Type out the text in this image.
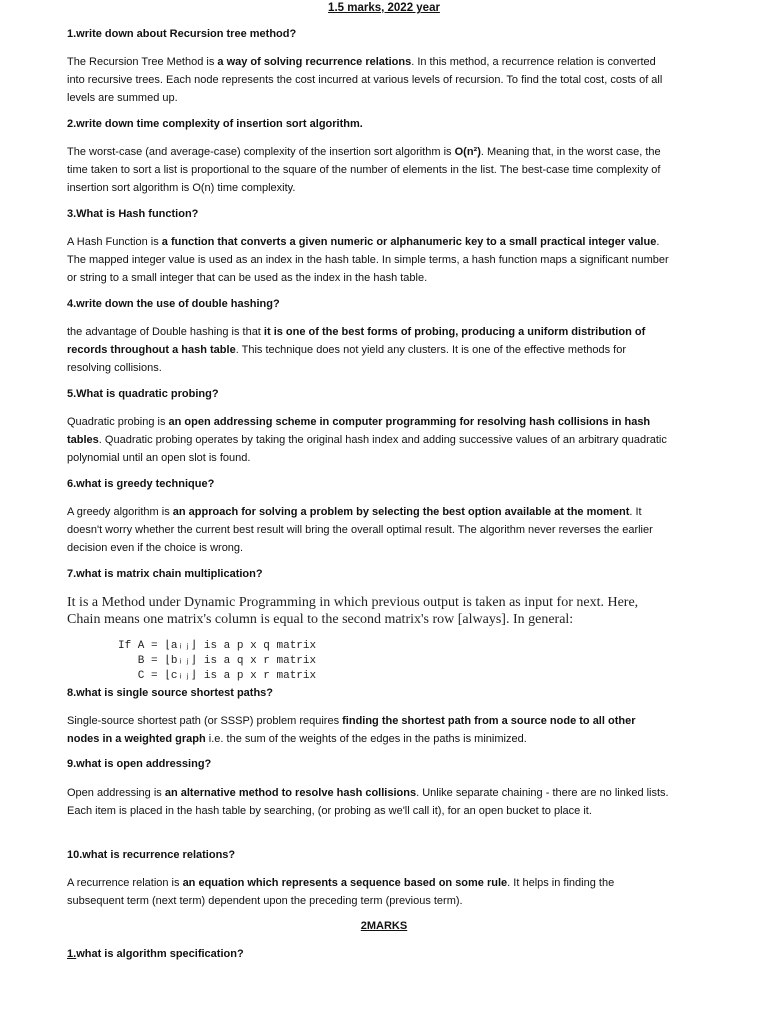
1.5 marks, 2022 year
1.write down about Recursion tree method?
The Recursion Tree Method is a way of solving recurrence relations. In this method, a recurrence relation is converted into recursive trees. Each node represents the cost incurred at various levels of recursion. To find the total cost, costs of all levels are summed up.
2.write down time complexity of insertion sort algorithm.
The worst-case (and average-case) complexity of the insertion sort algorithm is O(n²). Meaning that, in the worst case, the time taken to sort a list is proportional to the square of the number of elements in the list. The best-case time complexity of insertion sort algorithm is O(n) time complexity.
3.What is Hash function?
A Hash Function is a function that converts a given numeric or alphanumeric key to a small practical integer value. The mapped integer value is used as an index in the hash table. In simple terms, a hash function maps a significant number or string to a small integer that can be used as the index in the hash table.
4.write down the use of double hashing?
the advantage of Double hashing is that it is one of the best forms of probing, producing a uniform distribution of records throughout a hash table. This technique does not yield any clusters. It is one of the effective methods for resolving collisions.
5.What is quadratic probing?
Quadratic probing is an open addressing scheme in computer programming for resolving hash collisions in hash tables. Quadratic probing operates by taking the original hash index and adding successive values of an arbitrary quadratic polynomial until an open slot is found.
6.what is greedy technique?
A greedy algorithm is an approach for solving a problem by selecting the best option available at the moment. It doesn't worry whether the current best result will bring the overall optimal result. The algorithm never reverses the earlier decision even if the choice is wrong.
7.what is matrix chain multiplication?
It is a Method under Dynamic Programming in which previous output is taken as input for next. Here, Chain means one matrix's column is equal to the second matrix's row [always]. In general:
If A = ⌊aᵢⱼ⌋ is a p x q matrix
B = ⌊bᵢⱼ⌋ is a q x r matrix
C = ⌊cᵢⱼ⌋ is a p x r matrix
8.what is single source shortest paths?
Single-source shortest path (or SSSP) problem requires finding the shortest path from a source node to all other nodes in a weighted graph i.e. the sum of the weights of the edges in the paths is minimized.
9.what is open addressing?
Open addressing is an alternative method to resolve hash collisions. Unlike separate chaining - there are no linked lists. Each item is placed in the hash table by searching, (or probing as we'll call it), for an open bucket to place it.
10.what is recurrence relations?
A recurrence relation is an equation which represents a sequence based on some rule. It helps in finding the subsequent term (next term) dependent upon the preceding term (previous term).
2MARKS
1.what is algorithm specification?
